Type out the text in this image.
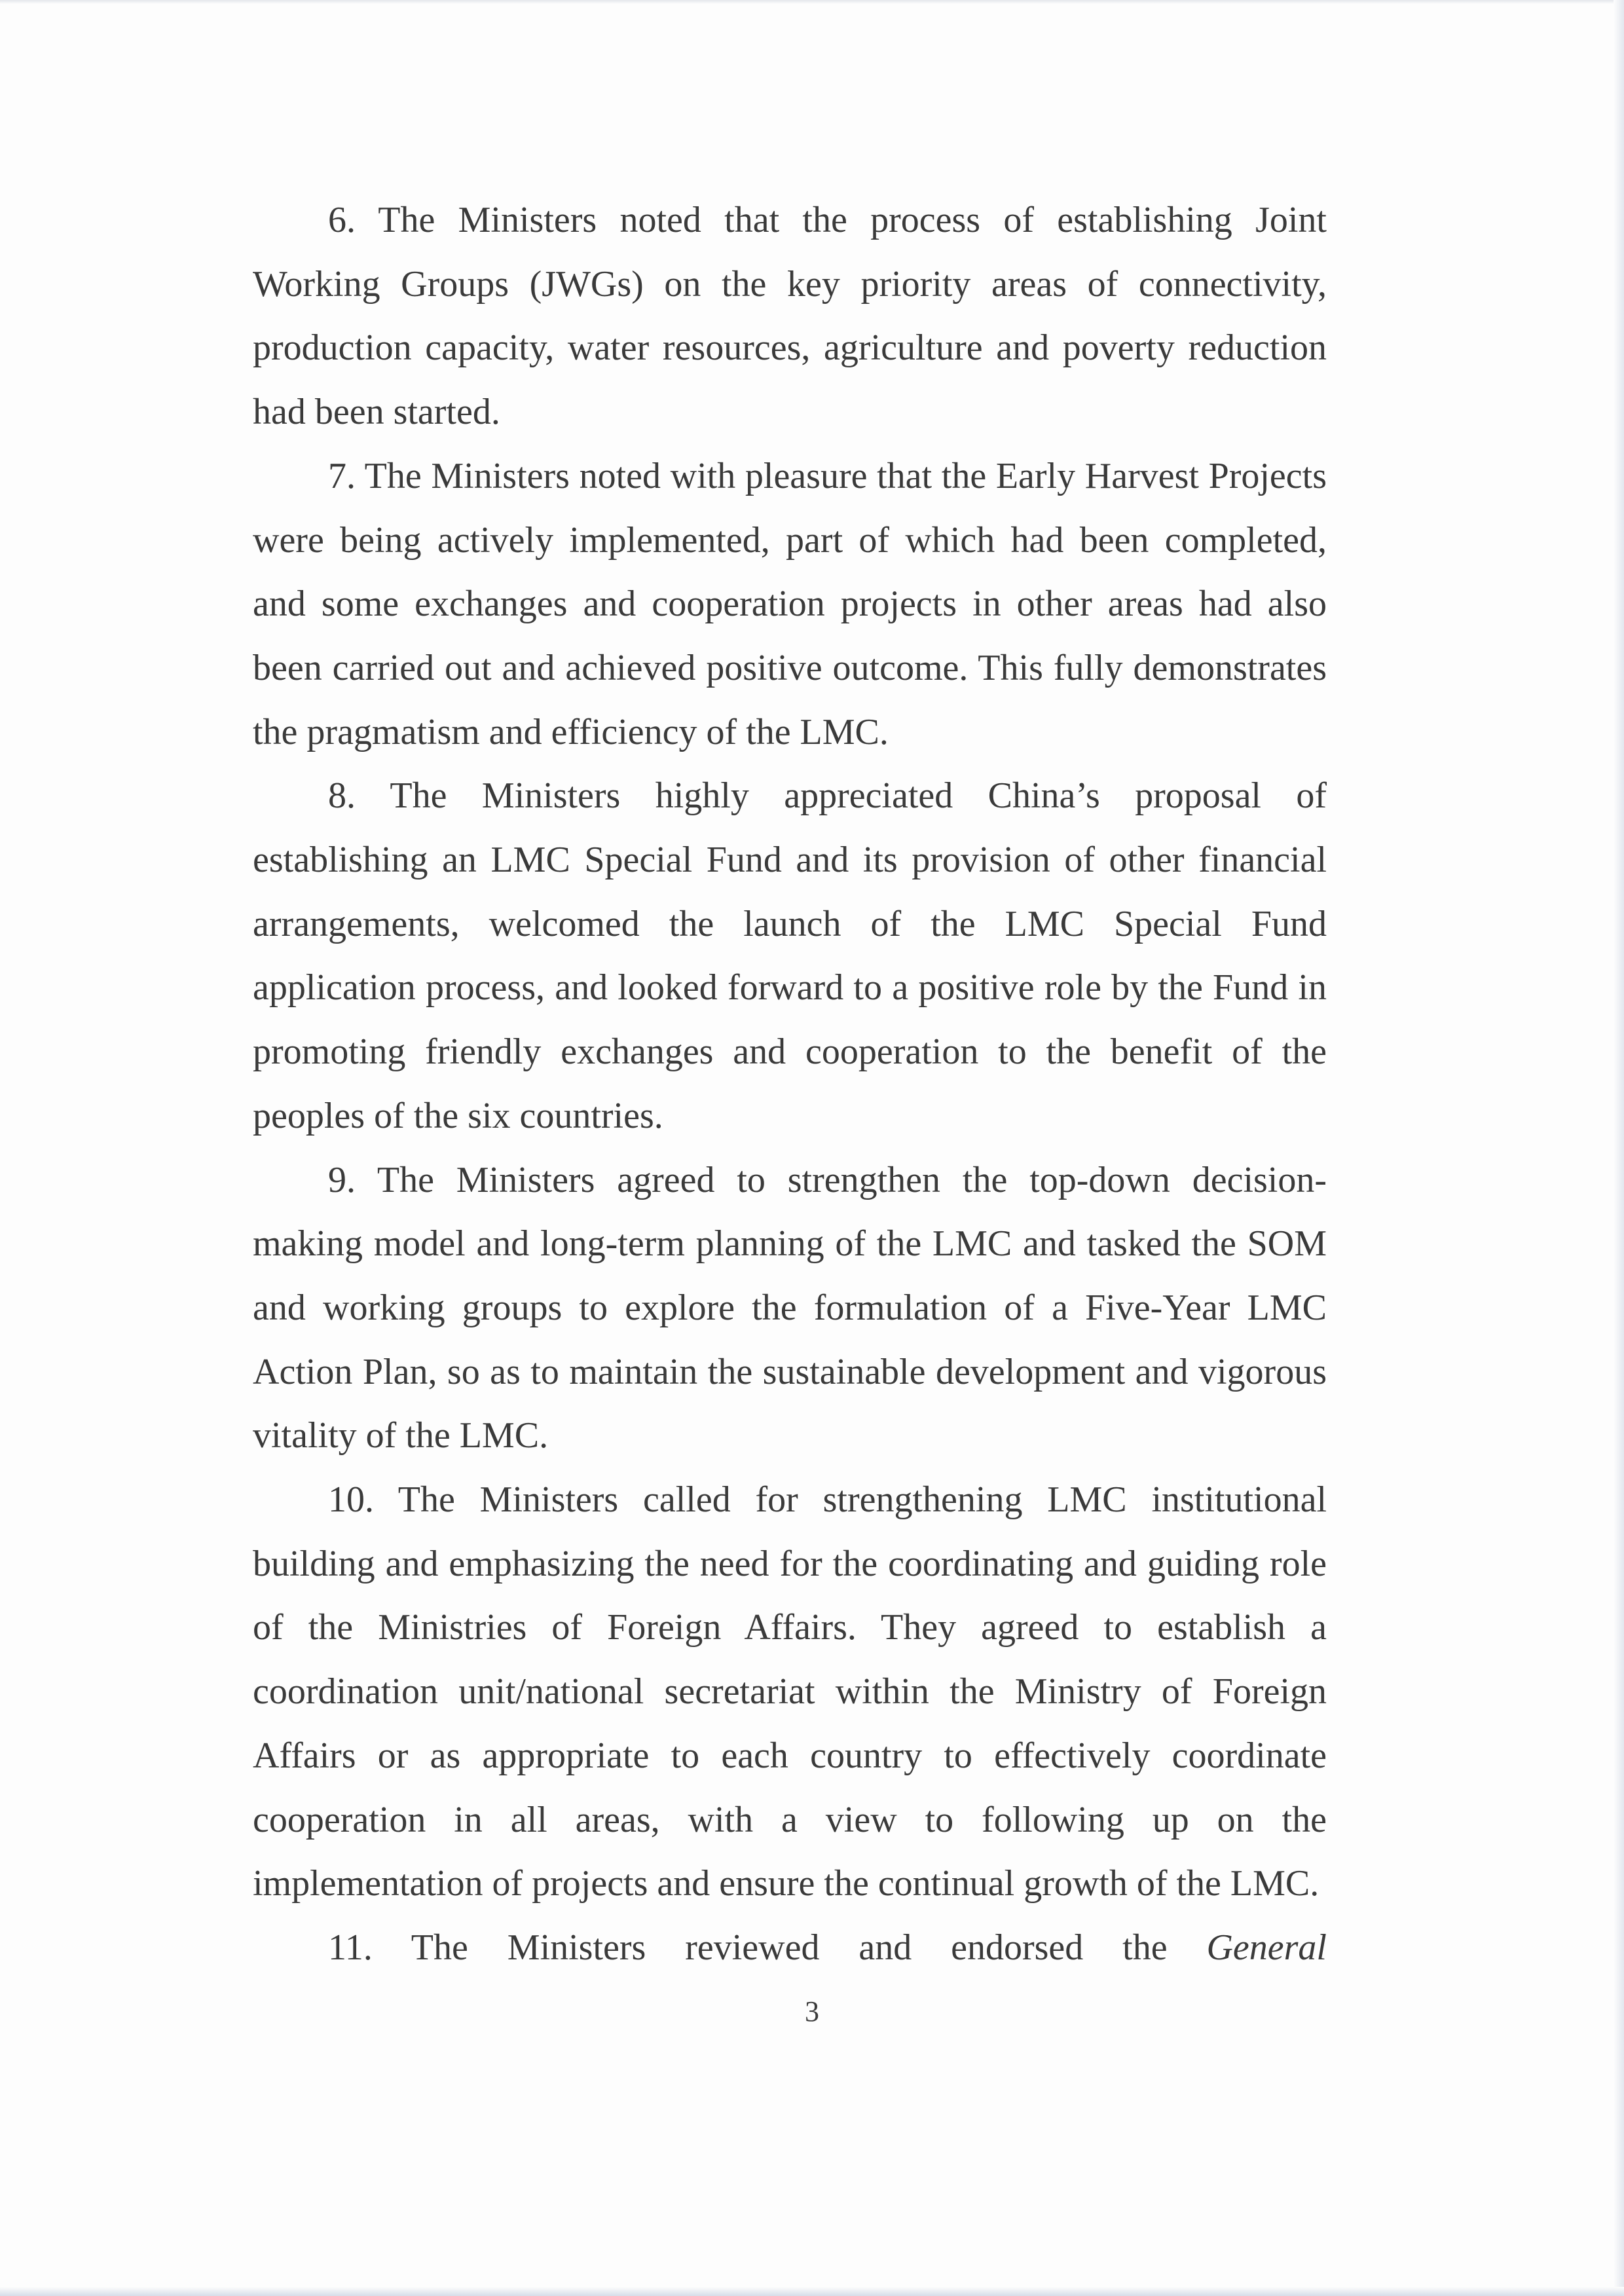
6. The Ministers noted that the process of establishing Joint Working Groups (JWGs) on the key priority areas of connectivity, production capacity, water resources, agriculture and poverty reduction had been started.

7. The Ministers noted with pleasure that the Early Harvest Projects were being actively implemented, part of which had been completed, and some exchanges and cooperation projects in other areas had also been carried out and achieved positive outcome. This fully demonstrates the pragmatism and efficiency of the LMC.

8. The Ministers highly appreciated China’s proposal of establishing an LMC Special Fund and its provision of other financial arrangements, welcomed the launch of the LMC Special Fund application process, and looked forward to a positive role by the Fund in promoting friendly exchanges and cooperation to the benefit of the peoples of the six countries.

9. The Ministers agreed to strengthen the top-down decision-making model and long-term planning of the LMC and tasked the SOM and working groups to explore the formulation of a Five-Year LMC Action Plan, so as to maintain the sustainable development and vigorous vitality of the LMC.

10. The Ministers called for strengthening LMC institutional building and emphasizing the need for the coordinating and guiding role of the Ministries of Foreign Affairs. They agreed to establish a coordination unit/national secretariat within the Ministry of Foreign Affairs or as appropriate to each country to effectively coordinate cooperation in all areas, with a view to following up on the implementation of projects and ensure the continual growth of the LMC.

11. The Ministers reviewed and endorsed the General

3
